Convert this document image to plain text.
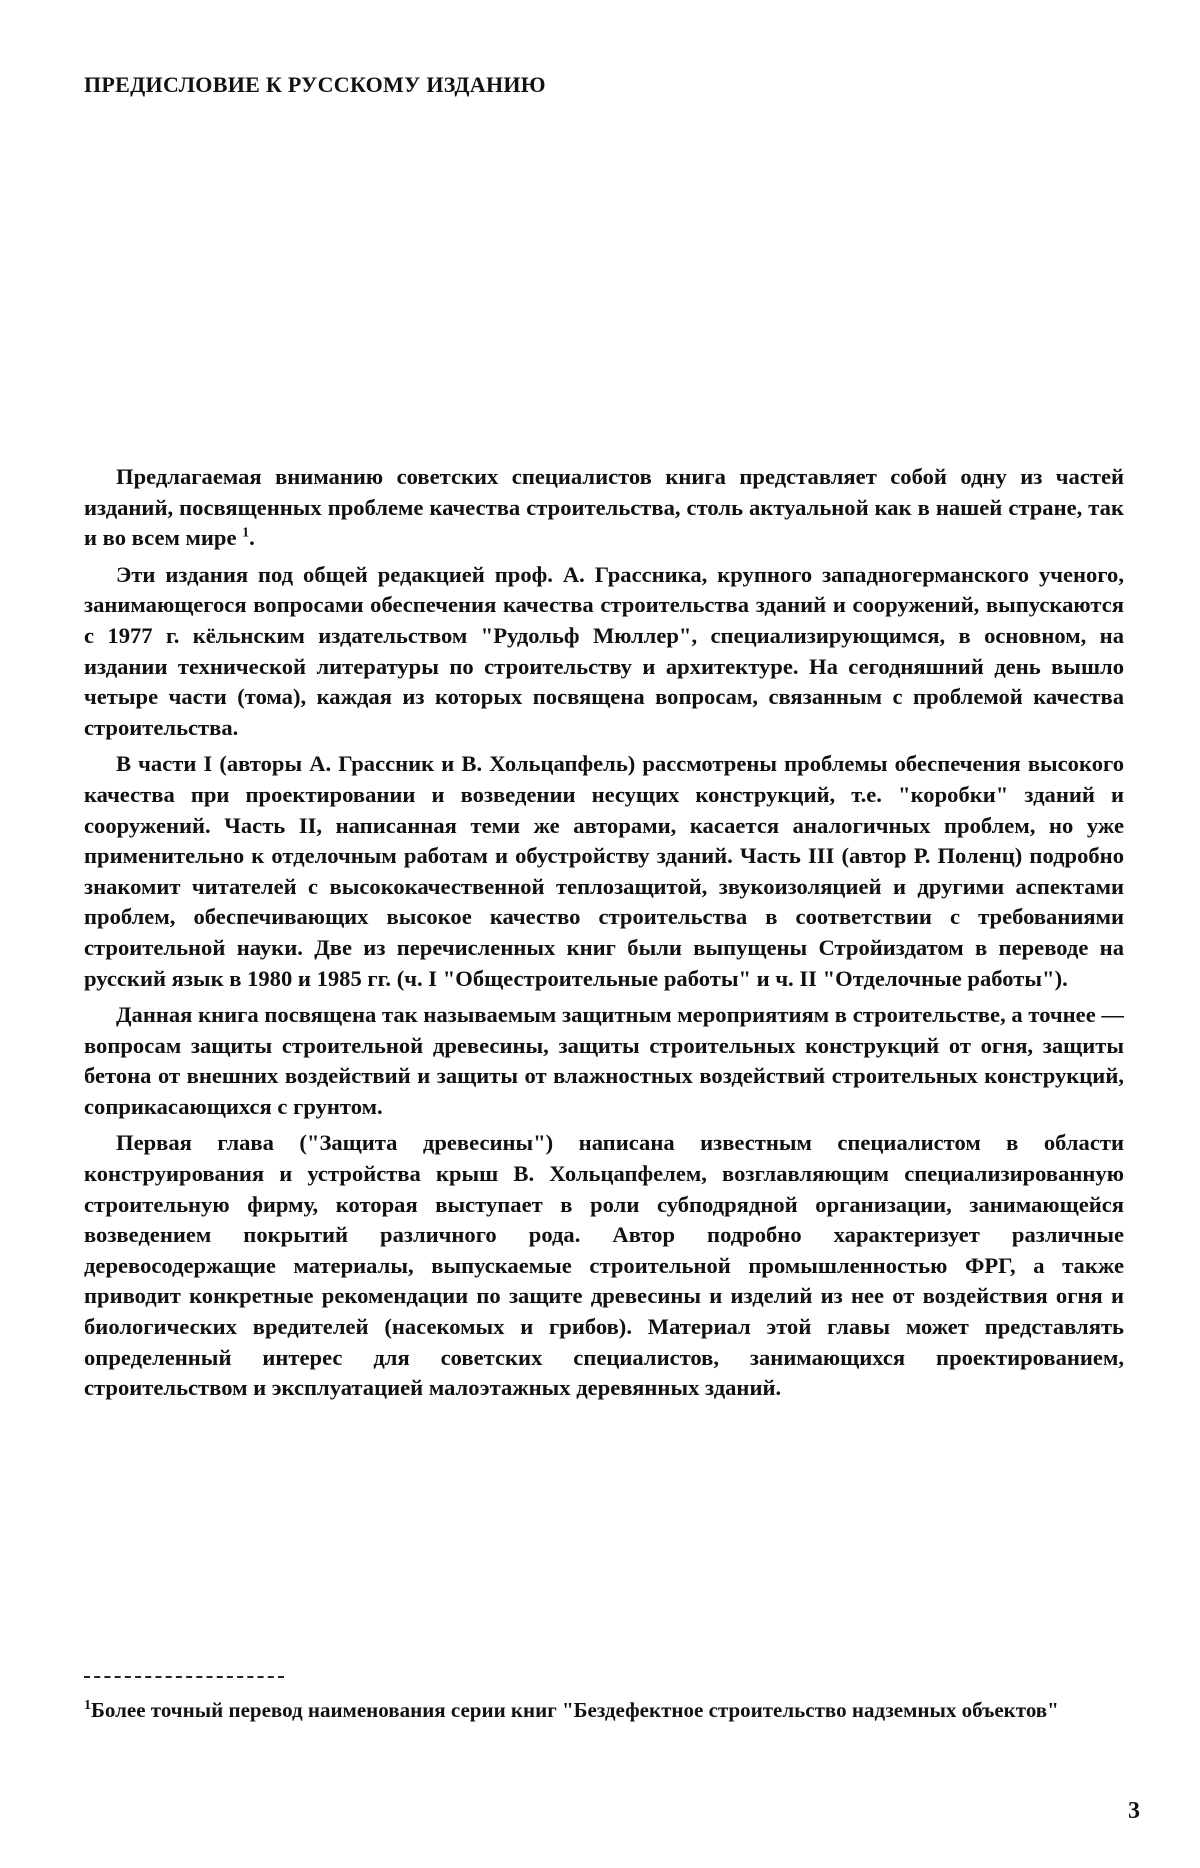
ПРЕДИСЛОВИЕ К РУССКОМУ ИЗДАНИЮ

Предлагаемая вниманию советских специалистов книга представляет собой одну из частей изданий, посвященных проблеме качества строительства, столь актуальной как в нашей стране, так и во всем мире $^1$.

Эти издания под общей редакцией проф. А. Грассника, крупного западногерманского ученого, занимающегося вопросами обеспечения качества строительства зданий и сооружений, выпускаются с 1977 г. кёльнским издательством "Рудольф Мюллер", специализирующимся, в основном, на издании технической литературы по строительству и архитектуре. На сегодняшний день вышло четыре части (тома), каждая из которых посвящена вопросам, связанным с проблемой качества строительства.

В части I (авторы А. Грассник и В. Хольцапфель) рассмотрены проблемы обеспечения высокого качества при проектировании и возведении несущих конструкций, т.е. "коробки" зданий и сооружений. Часть II, написанная теми же авторами, касается аналогичных проблем, но уже применительно к отделочным работам и обустройству зданий. Часть III (автор Р. Поленц) подробно знакомит читателей с высококачественной теплозащитой, звукоизоляцией и другими аспектами проблем, обеспечивающих высокое качество строительства в соответствии с требованиями строительной науки. Две из перечисленных книг были выпущены Стройиздатом в переводе на русский язык в 1980 и 1985 гг. (ч. I "Общестроительные работы" и ч. II "Отделочные работы").

Данная книга посвящена так называемым защитным мероприятиям в строительстве, а точнее — вопросам защиты строительной древесины, защиты строительных конструкций от огня, защиты бетона от внешних воздействий и защиты от влажностных воздействий строительных конструкций, соприкасающихся с грунтом.

Первая глава ("Защита древесины") написана известным специалистом в области конструирования и устройства крыш В. Хольцапфелем, возглавляющим специализированную строительную фирму, которая выступает в роли субподрядной организации, занимающейся возведением покрытий различного рода. Автор подробно характеризует различные деревосодержащие материалы, выпускаемые строительной промышленностью ФРГ, а также приводит конкретные рекомендации по защите древесины и изделий из нее от воздействия огня и биологических вредителей (насекомых и грибов). Материал этой главы может представлять определенный интерес для советских специалистов, занимающихся проектированием, строительством и эксплуатацией малоэтажных деревянных зданий.

$^1$Более точный перевод наименования серии книг "Бездефектное строительство надземных объектов"
3
